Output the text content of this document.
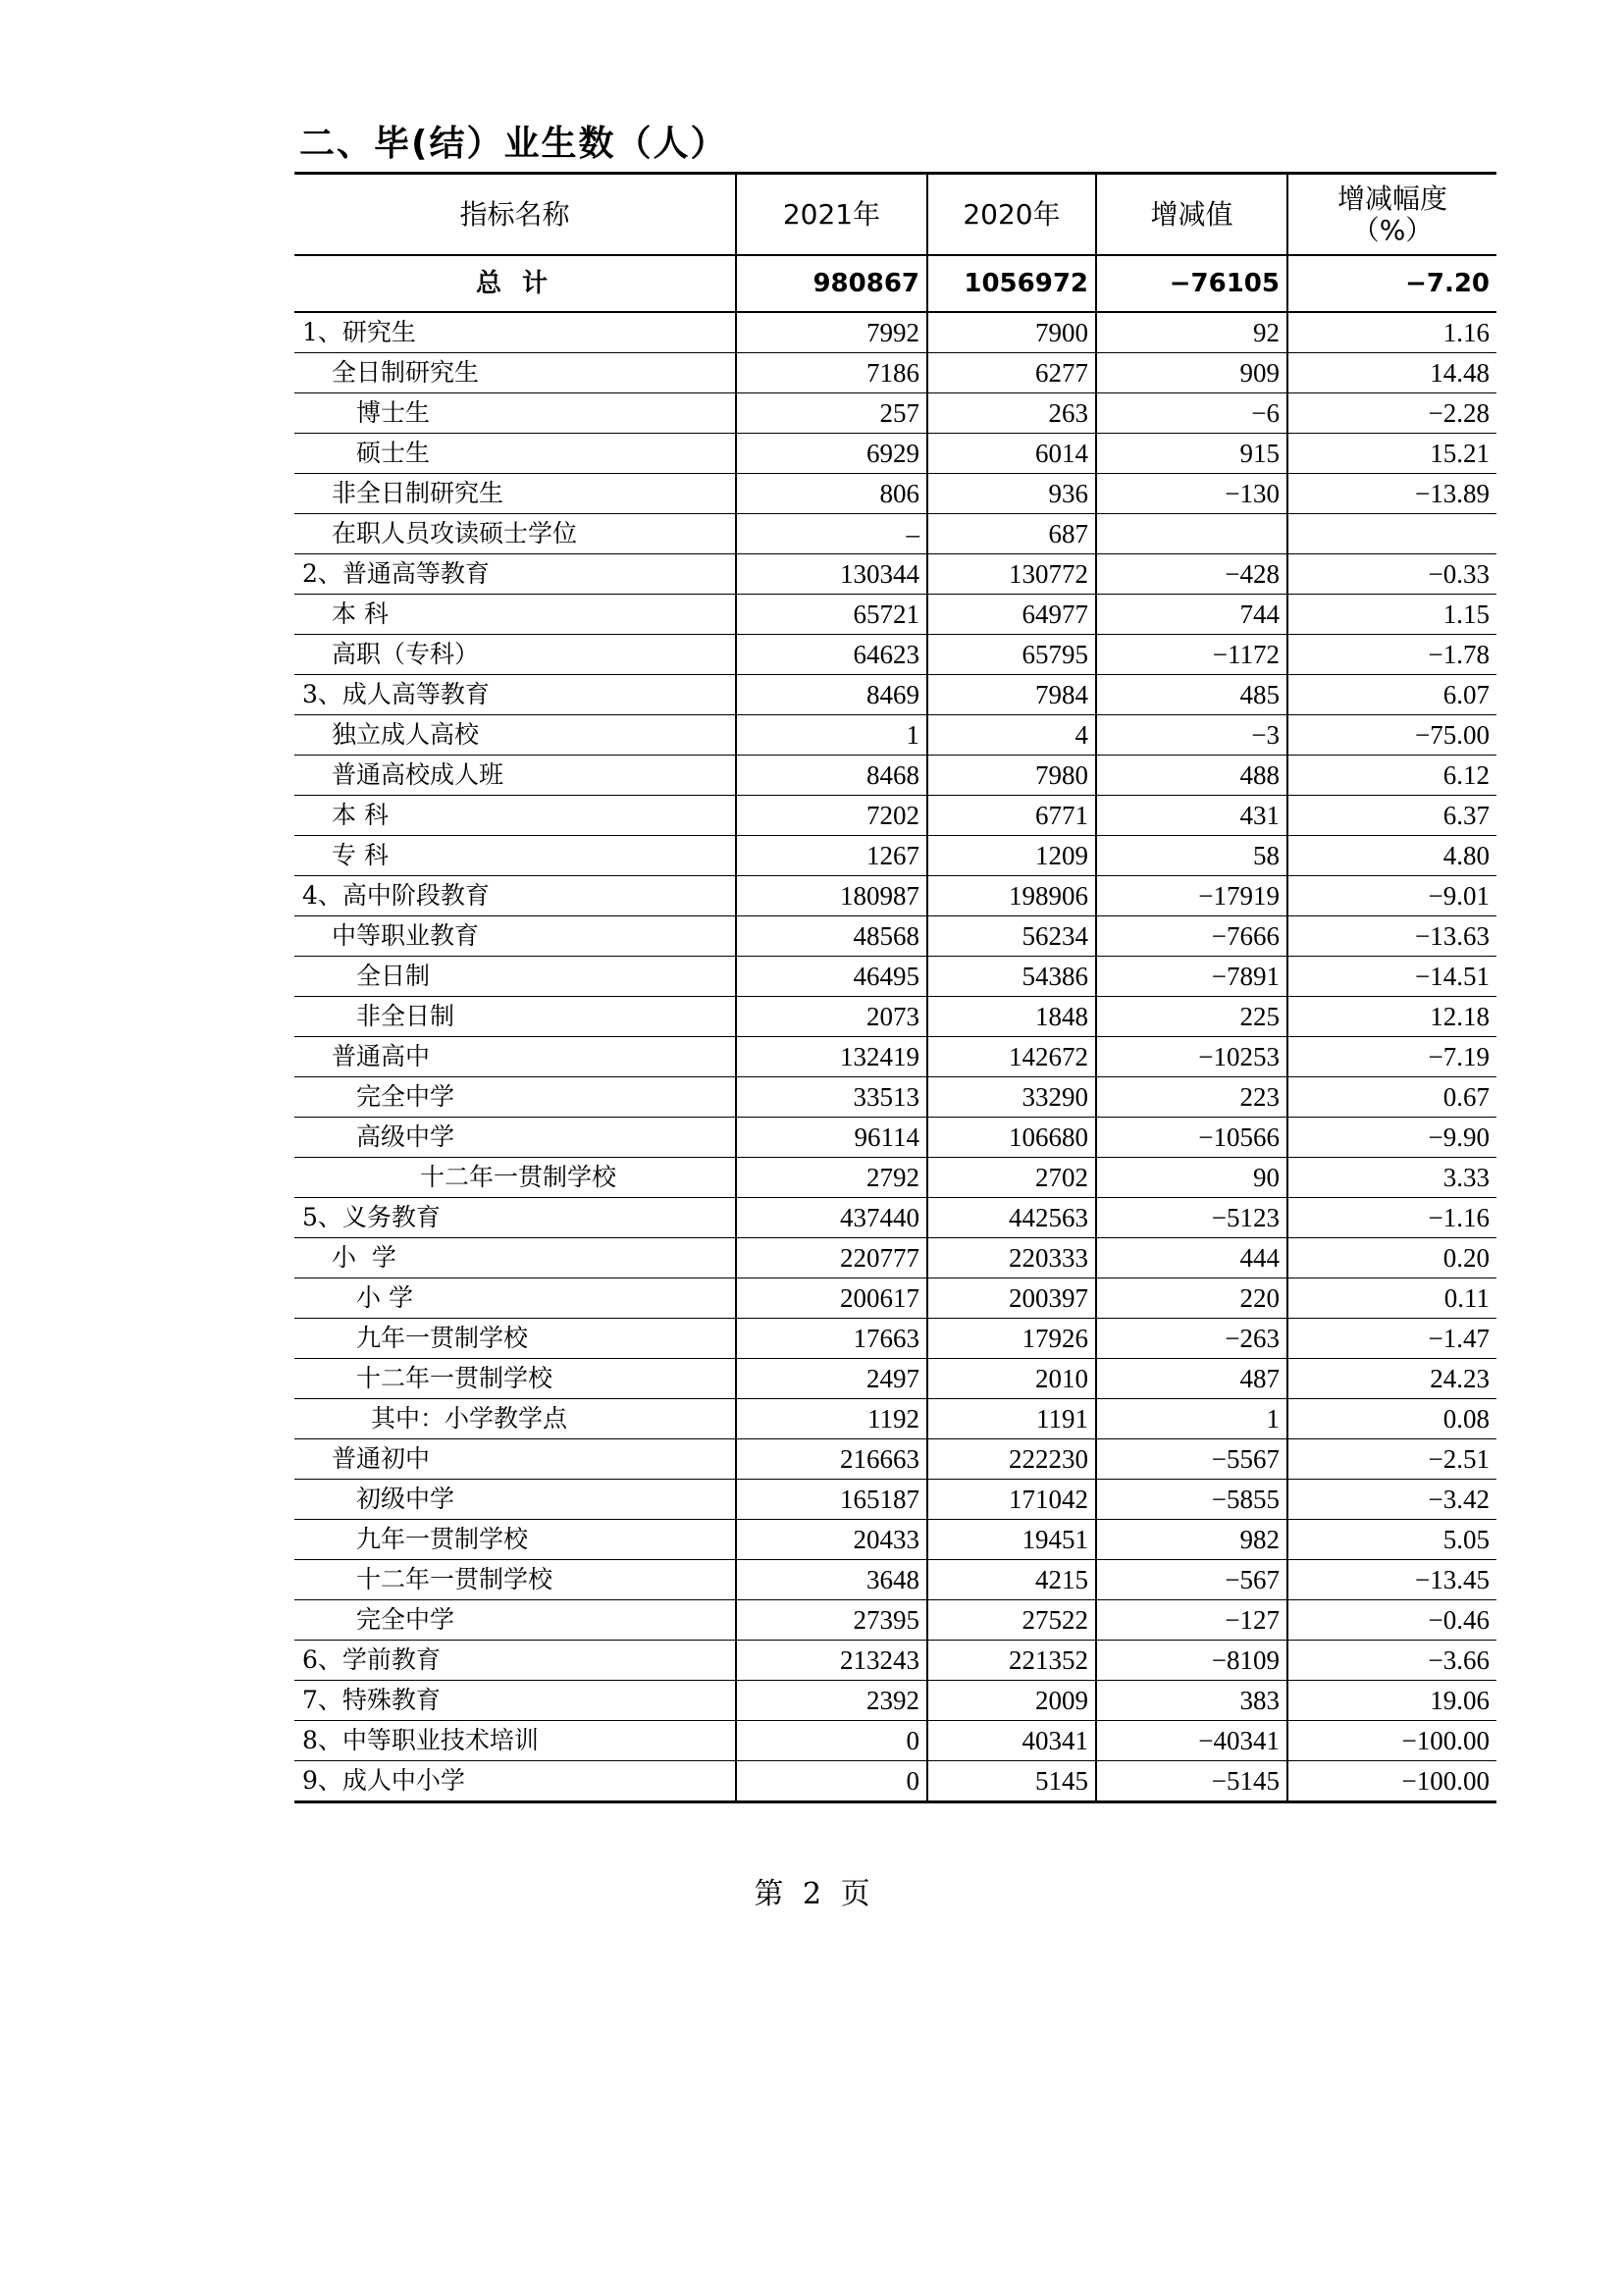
二、毕(结）业生数（人）
指标名称	2021年	2020年	增减值	增减幅度（%）
总 计	980867	1056972	−76105	−7.20
1、研究生	7992	7900	92	1.16
全日制研究生	7186	6277	909	14.48
博士生	257	263	−6	−2.28
硕士生	6929	6014	915	15.21
非全日制研究生	806	936	−130	−13.89
在职人员攻读硕士学位	–	687		
2、普通高等教育	130344	130772	−428	−0.33
本 科	65721	64977	744	1.15
高职（专科）	64623	65795	−1172	−1.78
3、成人高等教育	8469	7984	485	6.07
独立成人高校	1	4	−3	−75.00
普通高校成人班	8468	7980	488	6.12
本 科	7202	6771	431	6.37
专 科	1267	1209	58	4.80
4、高中阶段教育	180987	198906	−17919	−9.01
中等职业教育	48568	56234	−7666	−13.63
全日制	46495	54386	−7891	−14.51
非全日制	2073	1848	225	12.18
普通高中	132419	142672	−10253	−7.19
完全中学	33513	33290	223	0.67
高级中学	96114	106680	−10566	−9.90
十二年一贯制学校	2792	2702	90	3.33
5、义务教育	437440	442563	−5123	−1.16
小  学	220777	220333	444	0.20
小 学	200617	200397	220	0.11
九年一贯制学校	17663	17926	−263	−1.47
十二年一贯制学校	2497	2010	487	24.23
其中：小学教学点	1192	1191	1	0.08
普通初中	216663	222230	−5567	−2.51
初级中学	165187	171042	−5855	−3.42
九年一贯制学校	20433	19451	982	5.05
十二年一贯制学校	3648	4215	−567	−13.45
完全中学	27395	27522	−127	−0.46
6、学前教育	213243	221352	−8109	−3.66
7、特殊教育	2392	2009	383	19.06
8、中等职业技术培训	0	40341	−40341	−100.00
9、成人中小学	0	5145	−5145	−100.00
第 2 页
